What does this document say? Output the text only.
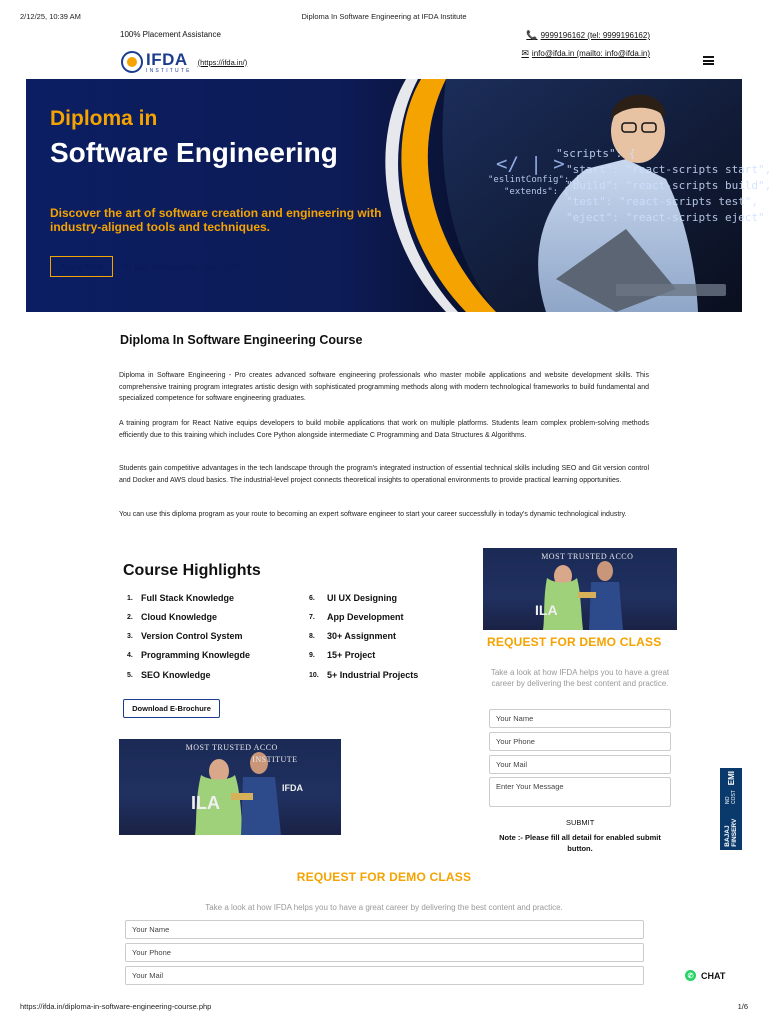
2/12/25, 10:39 AM	Diploma In Software Engineering at IFDA Institute
100% Placement Assistance	📞 9999196162 (tel: 9999196162)
✉ info@ifda.in (mailto: info@ifda.in)
IFDA
INSTITUTE
(https://ifda.in/)
</ | >
"scripts": {
"start": "react-scripts start",
"build": "react-scripts build",
"test": "react-scripts test",
"eject": "react-scripts eject"
"eslintConfig": {
"extends": [
Diploma in
Software Engineering
Discover the art of software creation and engineering with industry-aligned tools and techniques.
Apply Now	To Get Scholarship Upto 50%
Diploma In Software Engineering Course

Diploma in Software Engineering - Pro creates advanced software engineering professionals who master mobile applications and website development skills. This comprehensive training program integrates artistic design with sophisticated programming methods along with modern technological frameworks to build fundamental and specialized competence for software engineering graduates.

A training program for React Native equips developers to build mobile applications that work on multiple platforms. Students learn complex problem-solving methods efficiently due to this training which includes Core Python alongside intermediate C Programming and Data Structures & Algorithms.

Students gain competitive advantages in the tech landscape through the program's integrated instruction of essential technical skills including SEO and Git version control and Docker and AWS cloud basics. The industrial-level project connects theoretical insights to operational environments to provide practical learning opportunities.

You can use this diploma program as your route to becoming an expert software engineer to start your career successfully in today's dynamic technological industry.

Course Highlights
1. Full Stack Knowledge
2. Cloud Knowledge
3. Version Control System
4. Programming Knowlegde
5. SEO Knowledge
6.	UI UX Designing
7.	App Development
8.	30+ Assignment
9.	15+ Project
10. 5+ Industrial Projects
Download E-Brochure
MOST TRUSTED ACCO
ILA
MOST TRUSTED ACCO
INSTITUTE
ILA
IFDA
REQUEST FOR DEMO CLASS
Take a look at how IFDA helps you to have a great career by delivering the best content and practice.
Your Name
Your Phone
Your Mail
Enter Your Message
SUBMIT
Note :- Please fill all detail for enabled submit button.
REQUEST FOR DEMO CLASS
Take a look at how IFDA helps you to have a great career by delivering the best content and practice.
Your Name
Your Phone
Your Mail
EMI
NO COST
BAJAJ FINSERV
✆ CHAT
https://ifda.in/diploma-in-software-engineering-course.php	1/6
